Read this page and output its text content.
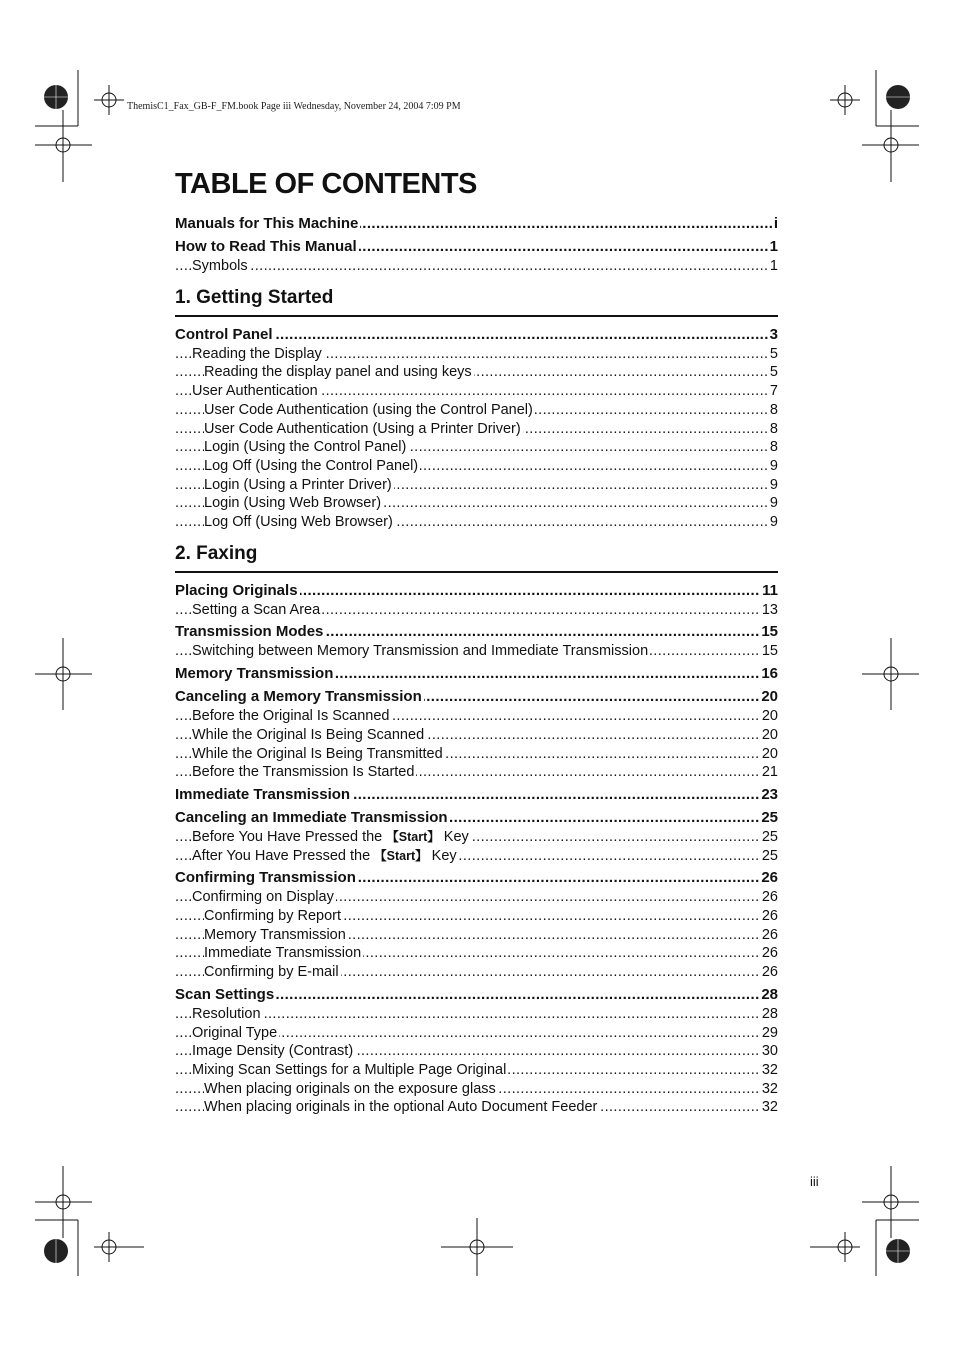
ThemisC1_Fax_GB-F_FM.book Page iii Wednesday, November 24, 2004 7:09 PM
TABLE OF CONTENTS
i
Manuals for This Machine .....
1
How to Read This Manual .....
1
Symbols .....
1. Getting Started
3
Control Panel .....
5
Reading the Display .....
5
Reading the display panel and using keys .....
7
User Authentication .....
8
User Code Authentication (using the Control Panel) .....
8
User Code Authentication (Using a Printer Driver) .....
8
Login (Using the Control Panel) .....
9
Log Off (Using the Control Panel) .....
9
Login (Using a Printer Driver) .....
9
Login (Using Web Browser) .....
9
Log Off (Using Web Browser) .....
2. Faxing
11
Placing Originals .....
13
Setting a Scan Area .....
15
Transmission Modes .....
15
Switching between Memory Transmission and Immediate Transmission .....
16
Memory Transmission .....
20
Canceling a Memory Transmission .....
20
Before the Original Is Scanned .....
20
While the Original Is Being Scanned .....
20
While the Original Is Being Transmitted .....
21
Before the Transmission Is Started .....
23
Immediate Transmission .....
25
Canceling an Immediate Transmission .....
25
Before You Have Pressed the 【Start】 Key .....
25
After You Have Pressed the 【Start】 Key .....
26
Confirming Transmission .....
26
Confirming on Display .....
26
Confirming by Report .....
26
Memory Transmission .....
26
Immediate Transmission .....
26
Confirming by E-mail .....
28
Scan Settings .....
28
Resolution .....
29
Original Type .....
30
Image Density (Contrast) .....
32
Mixing Scan Settings for a Multiple Page Original .....
32
When placing originals on the exposure glass .....
32
When placing originals in the optional Auto Document Feeder .....
iii
